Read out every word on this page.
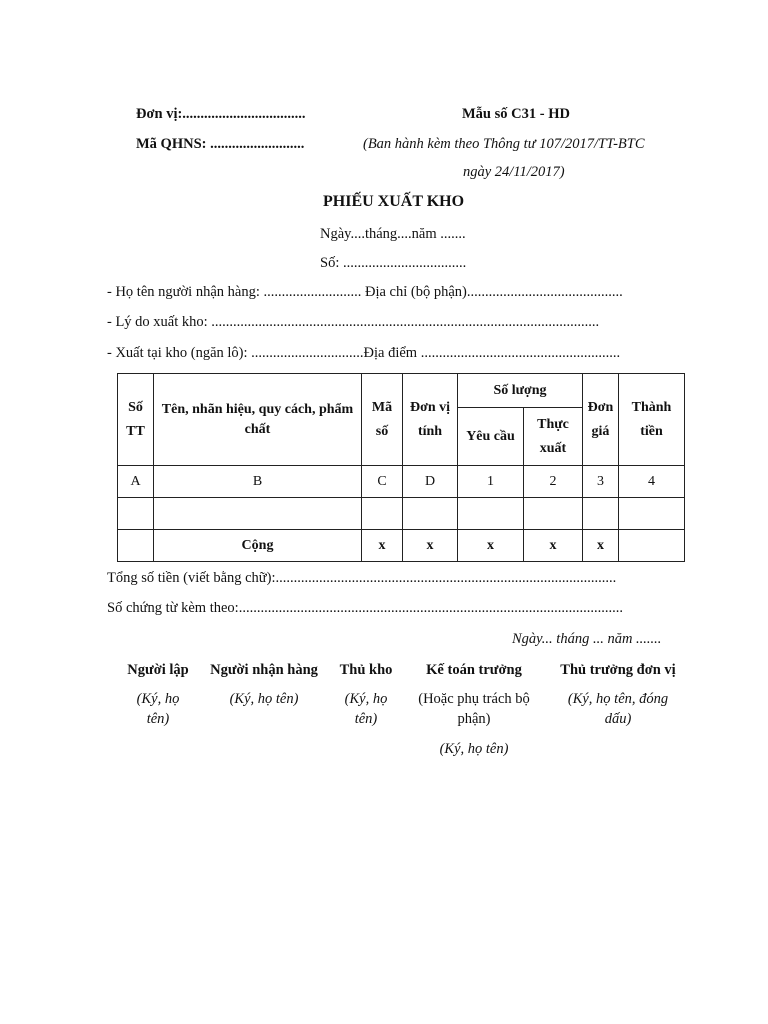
Đơn vị:..................................
Mã QHNS: ..........................
Mẫu số C31 - HD
(Ban hành kèm theo Thông tư 107/2017/TT-BTC
ngày 24/11/2017)
PHIẾU XUẤT KHO
Ngày....tháng....năm .......
Số: ..................................
- Họ tên người nhận hàng: ........................... Địa chỉ (bộ phận)...........................................
- Lý do xuất kho: ...........................................................................................................
- Xuất tại kho (ngăn lô): ...............................Địa điểm .......................................................
Số TT	Tên, nhãn hiệu, quy cách, phẩm chất	Mã số	Đơn vị tính	Số lượng		Đơn giá	Thành tiền
				Yêu cầu	Thực xuất		
A	B	C	D	1	2	3	4

	Cộng	x	x	x	x	x	
Tổng số tiền (viết bằng chữ):..............................................................................................
Số chứng từ kèm theo:..........................................................................................................
Ngày... tháng ... năm .......
Người lập
(Ký, họ tên)
Người nhận hàng
(Ký, họ tên)
Thủ kho
(Ký, họ tên)
Kế toán trưởng
(Hoặc phụ trách bộ phận)
(Ký, họ tên)
Thủ trưởng đơn vị
(Ký, họ tên, đóng dấu)
